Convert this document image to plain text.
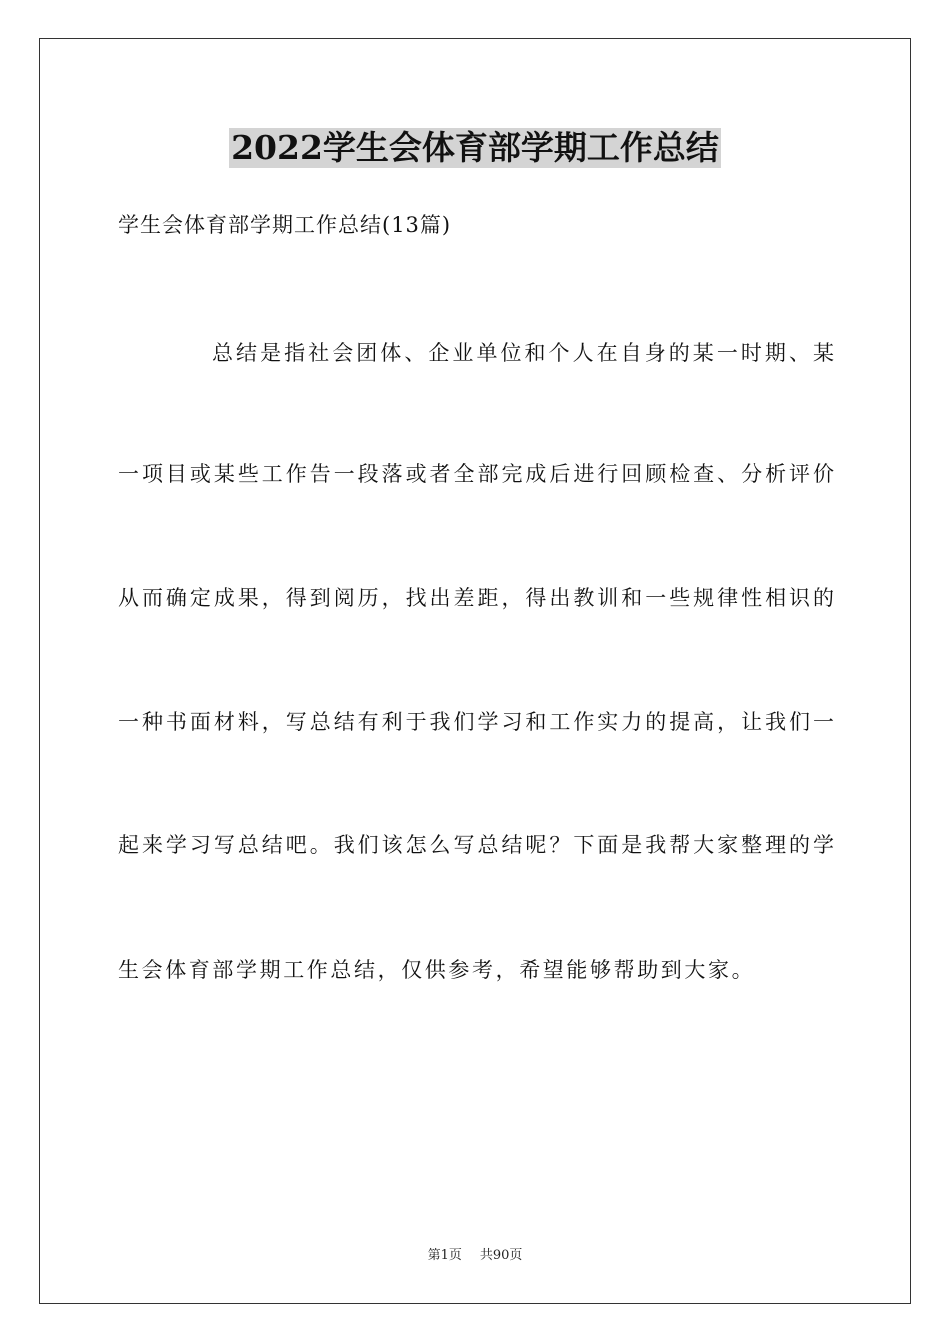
2022学生会体育部学期工作总结
学生会体育部学期工作总结(13篇)
总结是指社会团体、企业单位和个人在自身的某一时期、某
一项目或某些工作告一段落或者全部完成后进行回顾检查、分析评价
从而确定成果，得到阅历，找出差距，得出教训和一些规律性相识的
一种书面材料，写总结有利于我们学习和工作实力的提高，让我们一
起来学习写总结吧。我们该怎么写总结呢？下面是我帮大家整理的学
生会体育部学期工作总结，仅供参考，希望能够帮助到大家。
第1页 共90页
